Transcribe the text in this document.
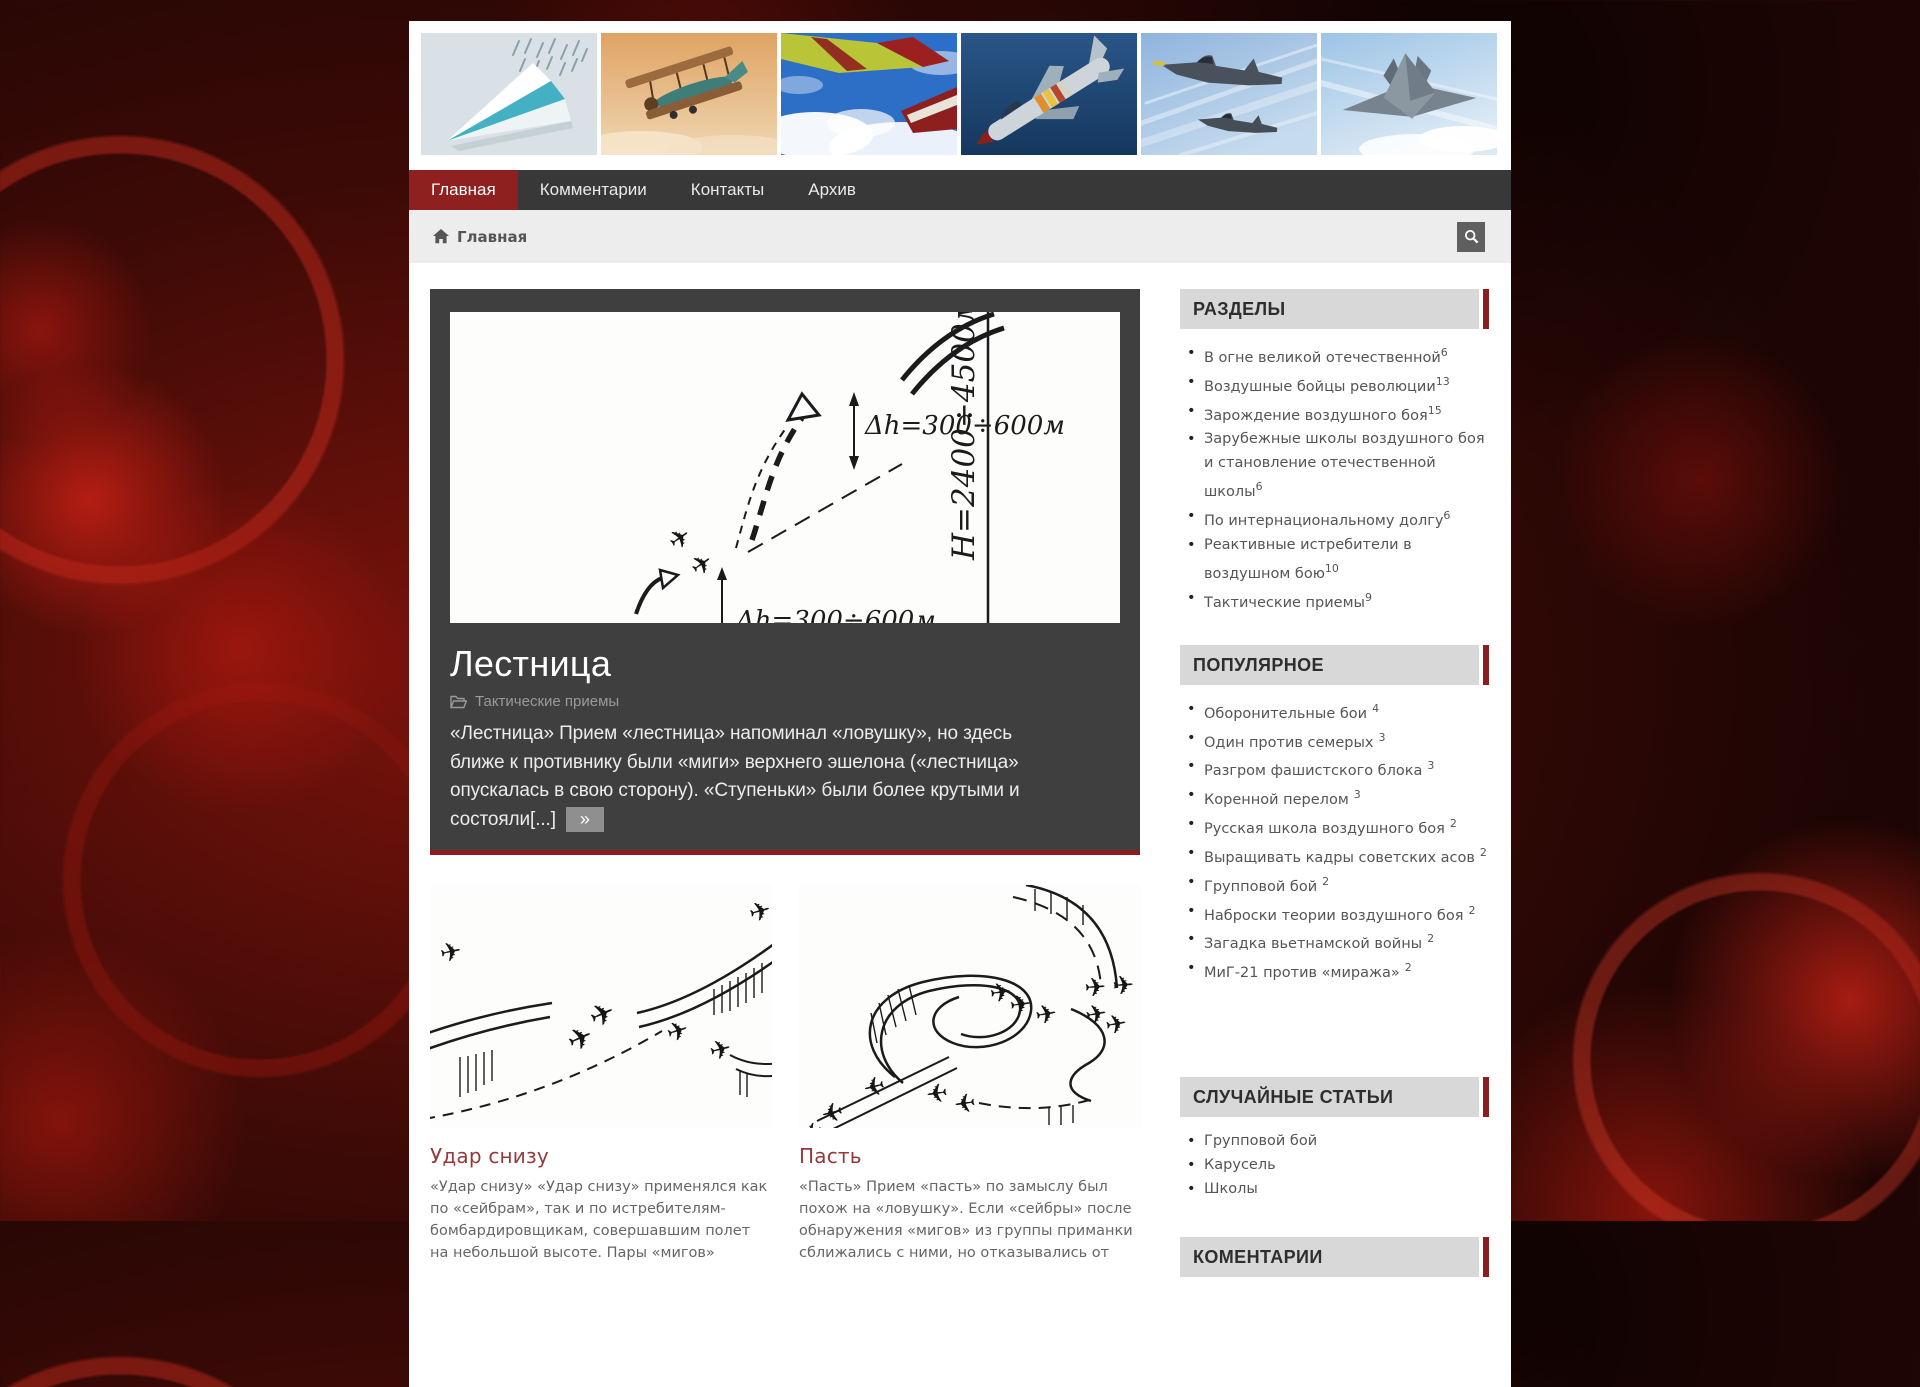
Главная	Комментарии	Контакты	Архив
Главная
H=2400÷4500м
Δh=300÷600м
Δh=300÷600м
Лестница
Тактические приемы

«Лестница» Прием «лестница» напоминал «ловушку», но здесь ближе к противнику были «миги» верхнего эшелона («лестница» опускалась в свою сторону). «Ступеньки» были более крутыми и состояли[...] »

Удар снизу

«Удар снизу» «Удар снизу» применялся как по «сейбрам», так и по истребителям-бомбардировщикам, совершавшим полет на небольшой высоте. Пары «мигов»

Пасть

«Пасть» Прием «пасть» по замыслу был похож на «ловушку». Если «сейбры» после обнаружения «мигов» из группы приманки сближались с ними, но отказывались от

РАЗДЕЛЫ
• В огне великой отечественной$^6$
• Воздушные бойцы революции$^{13}$
• Зарождение воздушного боя$^{15}$
• Зарубежные школы воздушного боя и становление отечественной школы$^6$
• По интернациональному долгу$^6$
• Реактивные истребители в воздушном бою$^{10}$
• Тактические приемы$^9$
ПОПУЛЯРНОЕ
• Оборонительные бои $^4$
• Один против семерых $^3$
• Разгром фашистского блока $^3$
• Коренной перелом $^3$
• Русская школа воздушного боя $^2$
• Выращивать кадры советских асов $^2$
• Групповой бой $^2$
• Наброски теории воздушного боя $^2$
• Загадка вьетнамской войны $^2$
• МиГ-21 против «миража» $^2$
СЛУЧАЙНЫЕ СТАТЬИ
• Групповой бой
• Карусель
• Школы
КОМЕНТАРИИ
